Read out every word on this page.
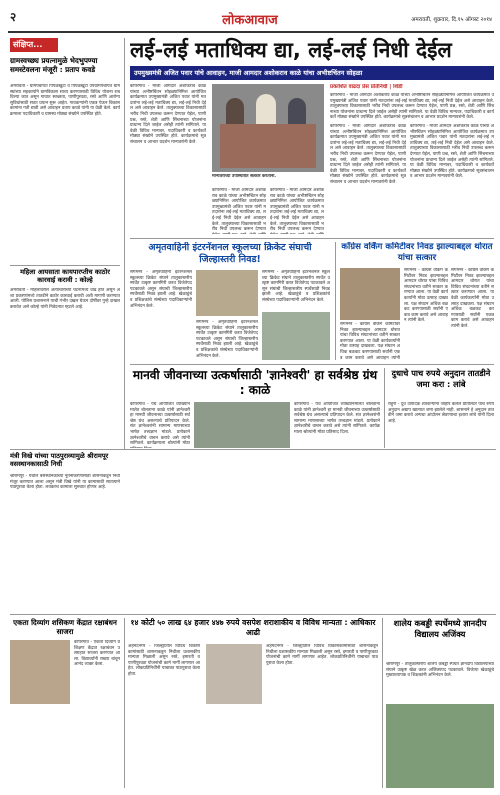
२	लोकआवाज	अमरावती, शुक्रवार, दि.१५ ऑगस्ट २०१४
संक्षिप्त...
ग्रामस्वच्छ्य प्रयत्नामुळे भेदभुपण्या समस्टेवलना मंजूरी : प्रताप कवडे
अमरावती - ग्रामपंचायत पिंपळखुटा व पिंपळखुटा उपग्रामपंचायत ग्रामस्थांच्या सहकार्याने ग्रामविकास साध्य करण्यासाठी विविध योजना राबविल्या जात असून गावात स्वच्छता, पाणीपुरवठा, रस्ते आणि आरोग्य सुविधांसाठी सतत प्रयत्न सुरू आहेत. गावकऱ्यांनी एकत्र येऊन विकासकामांना गती द्यावी असे आवाहन प्रताप कवडे यांनी या वेळी केले. कार्यक्रमाला पदाधिकारी व ग्रामस्थ मोठ्या संख्येने उपस्थित होते.
महिला आयसाता कायपारप्तीच काठोर कारवाई करावी : कोल्हे
अमरावती - महिलांवरील अत्याचाराच्या घटनांमध्ये वाढ होत असून अशा प्रकरणांमध्ये तातडीने कठोर कारवाई करावी अशी मागणी करण्यात आली. पोलिस प्रशासनाने याची गंभीर दखल घेऊन दोषींवर गुन्हे दाखल करावेत असे कोल्हे यांनी निवेदनात म्हटले आहे.
मंत्री विखे यांच्या पाठपुराव्यामुळे श्रीरामपूर वसस्थानकासाठी निधी
श्रीरामपूर - येथील बसस्थानकाच्या नूतनीकरणासाठी शासनाकडून निधी मंजूर करण्यात आला असून मंत्री विखे यांनी या कामासाठी सातत्याने पाठपुरावा केला होता. लवकरच कामाला सुरुवात होणार आहे.
लई-लई मताधिक्य द्या, लई-लई निधी देईल
उपमुख्यमंत्री अजित पवार यांचे आवाहन, माजी आमदार अशोकराव काळे यांचा अभीष्टचिंतन सोहळा
कोपरगाव - माजी आमदार अशोकराव काळे यांच्या अभीष्टचिंतन सोहळ्यानिमित्त आयोजित कार्यक्रमात उपमुख्यमंत्री अजित पवार यांनी मतदारांना लई-लई मताधिक्य द्या, लई-लई निधी देईल असे आवाहन केले. तालुक्याच्या विकासासाठी भरीव निधी उपलब्ध करून देण्यात येईल, पाणी प्रश्न, रस्ते, शेती आणि सिंचनाच्या योजनांना प्राधान्य दिले जाईल असेही त्यांनी सांगितले. या वेळी विविध मान्यवर, पदाधिकारी व कार्यकर्ते मोठ्या संख्येने उपस्थित होते. कार्यक्रमाचे सूत्रसंचालन व आभार प्रदर्शन मान्यवरांनी केले.
मान्यवरांच्या उपस्थितीत सत्कार करताना.
कोपरगाव - माजी आमदार अशोकराव काळे यांच्या अभीष्टचिंतन सोहळ्यानिमित्त आयोजित कार्यक्रमात उपमुख्यमंत्री अजित पवार यांनी मतदारांना लई-लई मताधिक्य द्या, लई-लई निधी देईल असे आवाहन केले. तालुक्याच्या विकासासाठी भरीव निधी उपलब्ध करून देण्यात
कोपरगाव - माजी आमदार अशोकराव काळे यांच्या अभीष्टचिंतन सोहळ्यानिमित्त आयोजित कार्यक्रमात उपमुख्यमंत्री अजित पवार यांनी मतदारांना लई-लई मताधिक्य द्या, लई-लई निधी देईल असे आवाहन केले. तालुक्याच्या विकासासाठी भरीव निधी उपलब्ध करून देण्यात
कोपरगाव - माजी आमदार अशोकराव काळे यांच्या अभीष्टचिंतन सोहळ्यानिमित्त आयोजित कार्यक्रमात उपमुख्यमंत्री अजित पवार यांनी मतदारांना लई-लई मताधिक्य द्या, लई-लई निधी देईल असे आवाहन केले. तालुक्याच्या विकासासाठी भरीव निधी उपलब्ध करून देण्यात येईल, पाणी प्रश्न, रस्ते, शेती आणि सिंचनाच्या योजनांना प्राधान्य दिले जाईल असेही त्यांनी सांगितले. या वेळी विविध मान्यवर, पदाधिकारी व कार्यकर्ते मोठ्या संख्येने उपस्थित होते. कार्यक्रमाचे सूत्रसंचालन व आभार प्रदर्शन मान्यवरांनी केले.
प्रकाशित वाढदा प्रेस प्रतिनिधी | शिर्डी
कोपरगाव - माजी आमदार अशोकराव काळे यांच्या अभीष्टचिंतन सोहळ्यानिमित्त आयोजित कार्यक्रमात उपमुख्यमंत्री अजित पवार यांनी मतदारांना लई-लई मताधिक्य द्या, लई-लई निधी देईल असे आवाहन केले. तालुक्याच्या विकासासाठी भरीव निधी उपलब्ध करून देण्यात येईल, पाणी प्रश्न, रस्ते, शेती आणि सिंचनाच्या योजनांना प्राधान्य दिले जाईल असेही त्यांनी सांगितले. या वेळी विविध मान्यवर, पदाधिकारी व कार्यकर्ते मोठ्या संख्येने उपस्थित होते. कार्यक्रमाचे सूत्रसंचालन व आभार प्रदर्शन मान्यवरांनी केले.
कोपरगाव - माजी आमदार अशोकराव काळे यांच्या अभीष्टचिंतन सोहळ्यानिमित्त आयोजित कार्यक्रमात उपमुख्यमंत्री अजित पवार यांनी मतदारांना लई-लई मताधिक्य द्या, लई-लई निधी देईल असे आवाहन केले. तालुक्याच्या विकासासाठी भरीव निधी उपलब्ध करून देण्यात येईल, पाणी प्रश्न, रस्ते, शेती आणि सिंचनाच्या योजनांना प्राधान्य दिले जाईल असेही त्यांनी सांगितले. या वेळी विविध मान्यवर, पदाधिकारी व कार्यकर्ते मोठ्या संख्येने उपस्थित होते. कार्यक्रमाचे सूत्रसंचालन व आभार प्रदर्शन मान्यवरांनी केले.
अमृतवाहिनी इंटरनॅशनल स्कूलच्या क्रिकेट संघाची जिल्हास्तरी निवड!
संगमनेर - अमृतवाहिनी इंटरनॅशनल स्कूलच्या क्रिकेट संघाने तालुकास्तरीय स्पर्धेत उत्कृष्ट कामगिरी करत विजेतेपद पटकावले असून संघाची जिल्हास्तरीय स्पर्धेसाठी निवड झाली आहे. खेळाडूंचे व प्रशिक्षकांचे संस्थेच्या पदाधिकाऱ्यांनी अभिनंदन केले.
संगमनेर - अमृतवाहिनी इंटरनॅशनल स्कूलच्या क्रिकेट संघाने तालुकास्तरीय स्पर्धेत उत्कृष्ट कामगिरी करत विजेतेपद पटकावले असून संघाची जिल्हास्तरीय स्पर्धेसाठी निवड झाली आहे. खेळाडूंचे व प्रशिक्षकांचे संस्थेच्या पदाधिकाऱ्यांनी अभिनंदन केले.
संगमनेर - अमृतवाहिनी इंटरनॅशनल स्कूलच्या क्रिकेट संघाने तालुकास्तरीय स्पर्धेत उत्कृष्ट कामगिरी करत विजेतेपद पटकावले असून संघाची जिल्हास्तरीय स्पर्धेसाठी निवड झाली आहे. खेळाडूंचे व प्रशिक्षकांचे संस्थेच्या पदाधिकाऱ्यांनी अभिनंदन केले.
काँग्रेस वर्किंग कमिटीवर निवड झाल्याबद्दल थोरात यांचा सत्कार
संगमनेर - काँग्रेस वर्किंग कमिटीवर निवड झाल्याबद्दल आमदार थोरात यांचा विविध संघटनांच्या वतीने सत्कार करण्यात आला. या वेळी कार्यकर्त्यांनी मोठा उत्साह दाखवला. पक्ष संघटन अधिक बळकट करण्यासाठी सर्वांनी एकत्र काम करावे असे आवाहन त्यांनी
संगमनेर - काँग्रेस वर्किंग कमिटीवर निवड झाल्याबद्दल आमदार थोरात यांचा विविध संघटनांच्या वतीने सत्कार करण्यात आला. या वेळी कार्यकर्त्यांनी मोठा उत्साह दाखवला. पक्ष संघटन अधिक बळकट करण्यासाठी सर्वांनी एकत्र काम करावे असे आवाहन त्यांनी केले.
संगमनेर - काँग्रेस वर्किंग कमिटीवर निवड झाल्याबद्दल आमदार थोरात यांचा विविध संघटनांच्या वतीने सत्कार करण्यात आला. या वेळी कार्यकर्त्यांनी मोठा उत्साह दाखवला. पक्ष संघटन अधिक बळकट करण्यासाठी सर्वांनी एकत्र काम करावे असे आवाहन त्यांनी केले.
मानवी जीवनाच्या उत्कर्षासाठी 'ज्ञानेश्वरी' हा सर्वश्रेष्ठ ग्रंथ : काळे
कोपरगाव - येथे आयोजित व्याख्यानमालेत बोलताना काळे यांनी ज्ञानेश्वरी हा मानवी जीवनाच्या उत्कर्षासाठी सर्वश्रेष्ठ ग्रंथ असल्याचे प्रतिपादन केले. संत ज्ञानेश्वरांनी सामान्य माणसाच्या भाषेत तत्त्वज्ञान मांडले. प्रत्येकाने ज्ञानेश्वरीचे वाचन करावे असे त्यांनी सांगितले. कार्यक्रमाला श्रोत्यांनी मोठा
कोपरगाव - येथे आयोजित व्याख्यानमालेत बोलताना काळे यांनी ज्ञानेश्वरी हा मानवी जीवनाच्या उत्कर्षासाठी सर्वश्रेष्ठ ग्रंथ असल्याचे प्रतिपादन केले. संत ज्ञानेश्वरांनी सामान्य माणसाच्या भाषेत तत्त्वज्ञान मांडले. प्रत्येकाने ज्ञानेश्वरीचे वाचन करावे असे त्यांनी सांगितले. कार्यक्रमाला श्रोत्यांनी मोठा प्रतिसाद दिला.
दुधाचे पाच रुपये अनुदान तातडीने जमा करा : लांबे
राहुरी - दूध उत्पादक शेतकऱ्यांना जाहीर केलेले प्रतिलिटर पाच रुपये अनुदान अद्याप खात्यात जमा झालेले नाही. शासनाने हे अनुदान तातडीने जमा करावे अन्यथा आंदोलन छेडण्याचा इशारा लांबे यांनी दिला आहे.
एकता दिव्यांग शसिकण केंद्रात रक्षाबंधन साजरा
कोपरगाव - एकता दिव्यांग प्रशिक्षण केंद्रात रक्षाबंधन उत्साहात साजरा करण्यात आला. विद्यार्थ्यांनी राख्या बांधून आनंद व्यक्त केला.
१४ कोटी ५० लाख ६४ हजार ४४७ रुपये वसपेश शराशाकीय व विविध मान्यता : आधिकार आढी
अहमदनगर - जिल्ह्यातील विविध विकासकामांसाठी शासनाकडून निधीला प्रशासकीय मान्यता मिळाली असून रस्ते, इमारती व पाणीपुरवठा योजनांची कामे मार्गी लागणार आहेत. लोकप्रतिनिधींनी याबाबत पाठपुरावा केला होता.
अहमदनगर - जिल्ह्यातील विविध विकासकामांसाठी शासनाकडून निधीला प्रशासकीय मान्यता मिळाली असून रस्ते, इमारती व पाणीपुरवठा योजनांची कामे मार्गी लागणार आहेत. लोकप्रतिनिधींनी याबाबत पाठपुरावा केला होता.
शालेय कबड्डी स्पर्धेमध्ये ज्ञानदीप विद्यालय अजिंक्य
श्रीरामपूर - तालुकास्तरीय शालेय कबड्डी स्पर्धेत ज्ञानदीप विद्यालयाच्या संघाने उत्कृष्ट खेळ करत अजिंक्यपद पटकावले. विजेत्या खेळाडूंचे मुख्याध्यापक व शिक्षकांनी अभिनंदन केले.
